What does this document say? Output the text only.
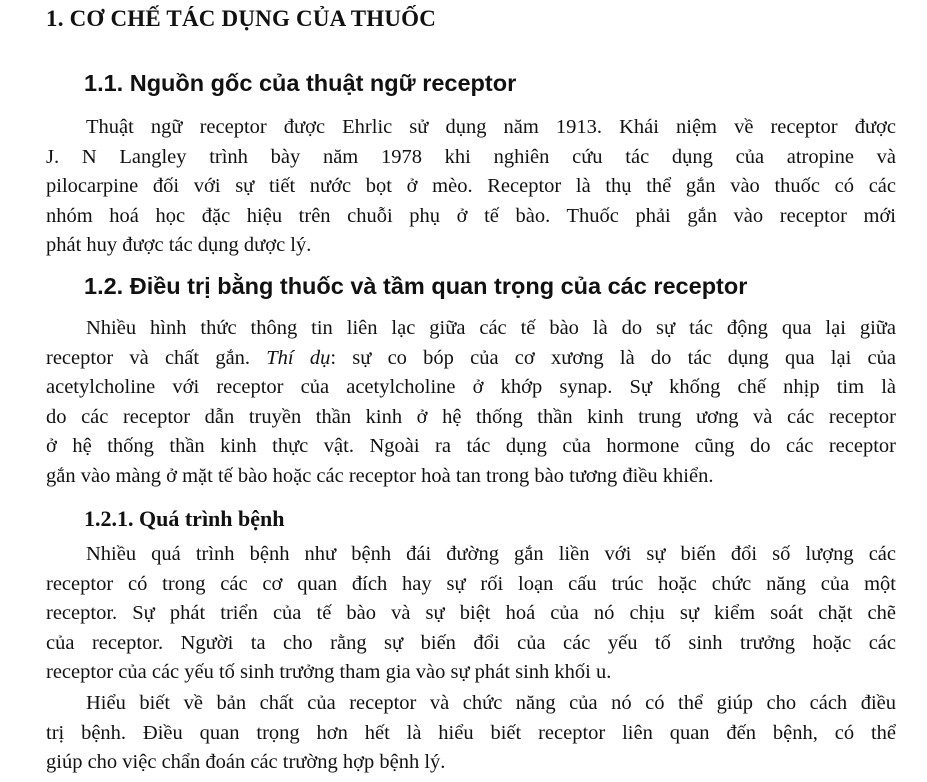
1. CƠ CHẾ TÁC DỤNG CỦA THUỐC
1.1. Nguồn gốc của thuật ngữ receptor
Thuật ngữ receptor được Ehrlic sử dụng năm 1913. Khái niệm về receptor được
J. N Langley trình bày năm 1978 khi nghiên cứu tác dụng của atropine và
pilocarpine đối với sự tiết nước bọt ở mèo. Receptor là thụ thể gắn vào thuốc có các
nhóm hoá học đặc hiệu trên chuỗi phụ ở tế bào. Thuốc phải gắn vào receptor mới
phát huy được tác dụng dược lý.
1.2. Điều trị bằng thuốc và tầm quan trọng của các receptor
Nhiều hình thức thông tin liên lạc giữa các tế bào là do sự tác động qua lại giữa
receptor và chất gắn. Thí dụ: sự co bóp của cơ xương là do tác dụng qua lại của
acetylcholine với receptor của acetylcholine ở khớp synap. Sự khống chế nhịp tim là
do các receptor dẫn truyền thần kinh ở hệ thống thần kinh trung ương và các receptor
ở hệ thống thần kinh thực vật. Ngoài ra tác dụng của hormone cũng do các receptor
gắn vào màng ở mặt tế bào hoặc các receptor hoà tan trong bào tương điều khiển.
1.2.1. Quá trình bệnh
Nhiều quá trình bệnh như bệnh đái đường gắn liền với sự biến đổi số lượng các
receptor có trong các cơ quan đích hay sự rối loạn cấu trúc hoặc chức năng của một
receptor. Sự phát triển của tế bào và sự biệt hoá của nó chịu sự kiểm soát chặt chẽ
của receptor. Người ta cho rằng sự biến đổi của các yếu tố sinh trưởng hoặc các
receptor của các yếu tố sinh trưởng tham gia vào sự phát sinh khối u.
Hiểu biết về bản chất của receptor và chức năng của nó có thể giúp cho cách điều
trị bệnh. Điều quan trọng hơn hết là hiểu biết receptor liên quan đến bệnh, có thể
giúp cho việc chẩn đoán các trường hợp bệnh lý.
